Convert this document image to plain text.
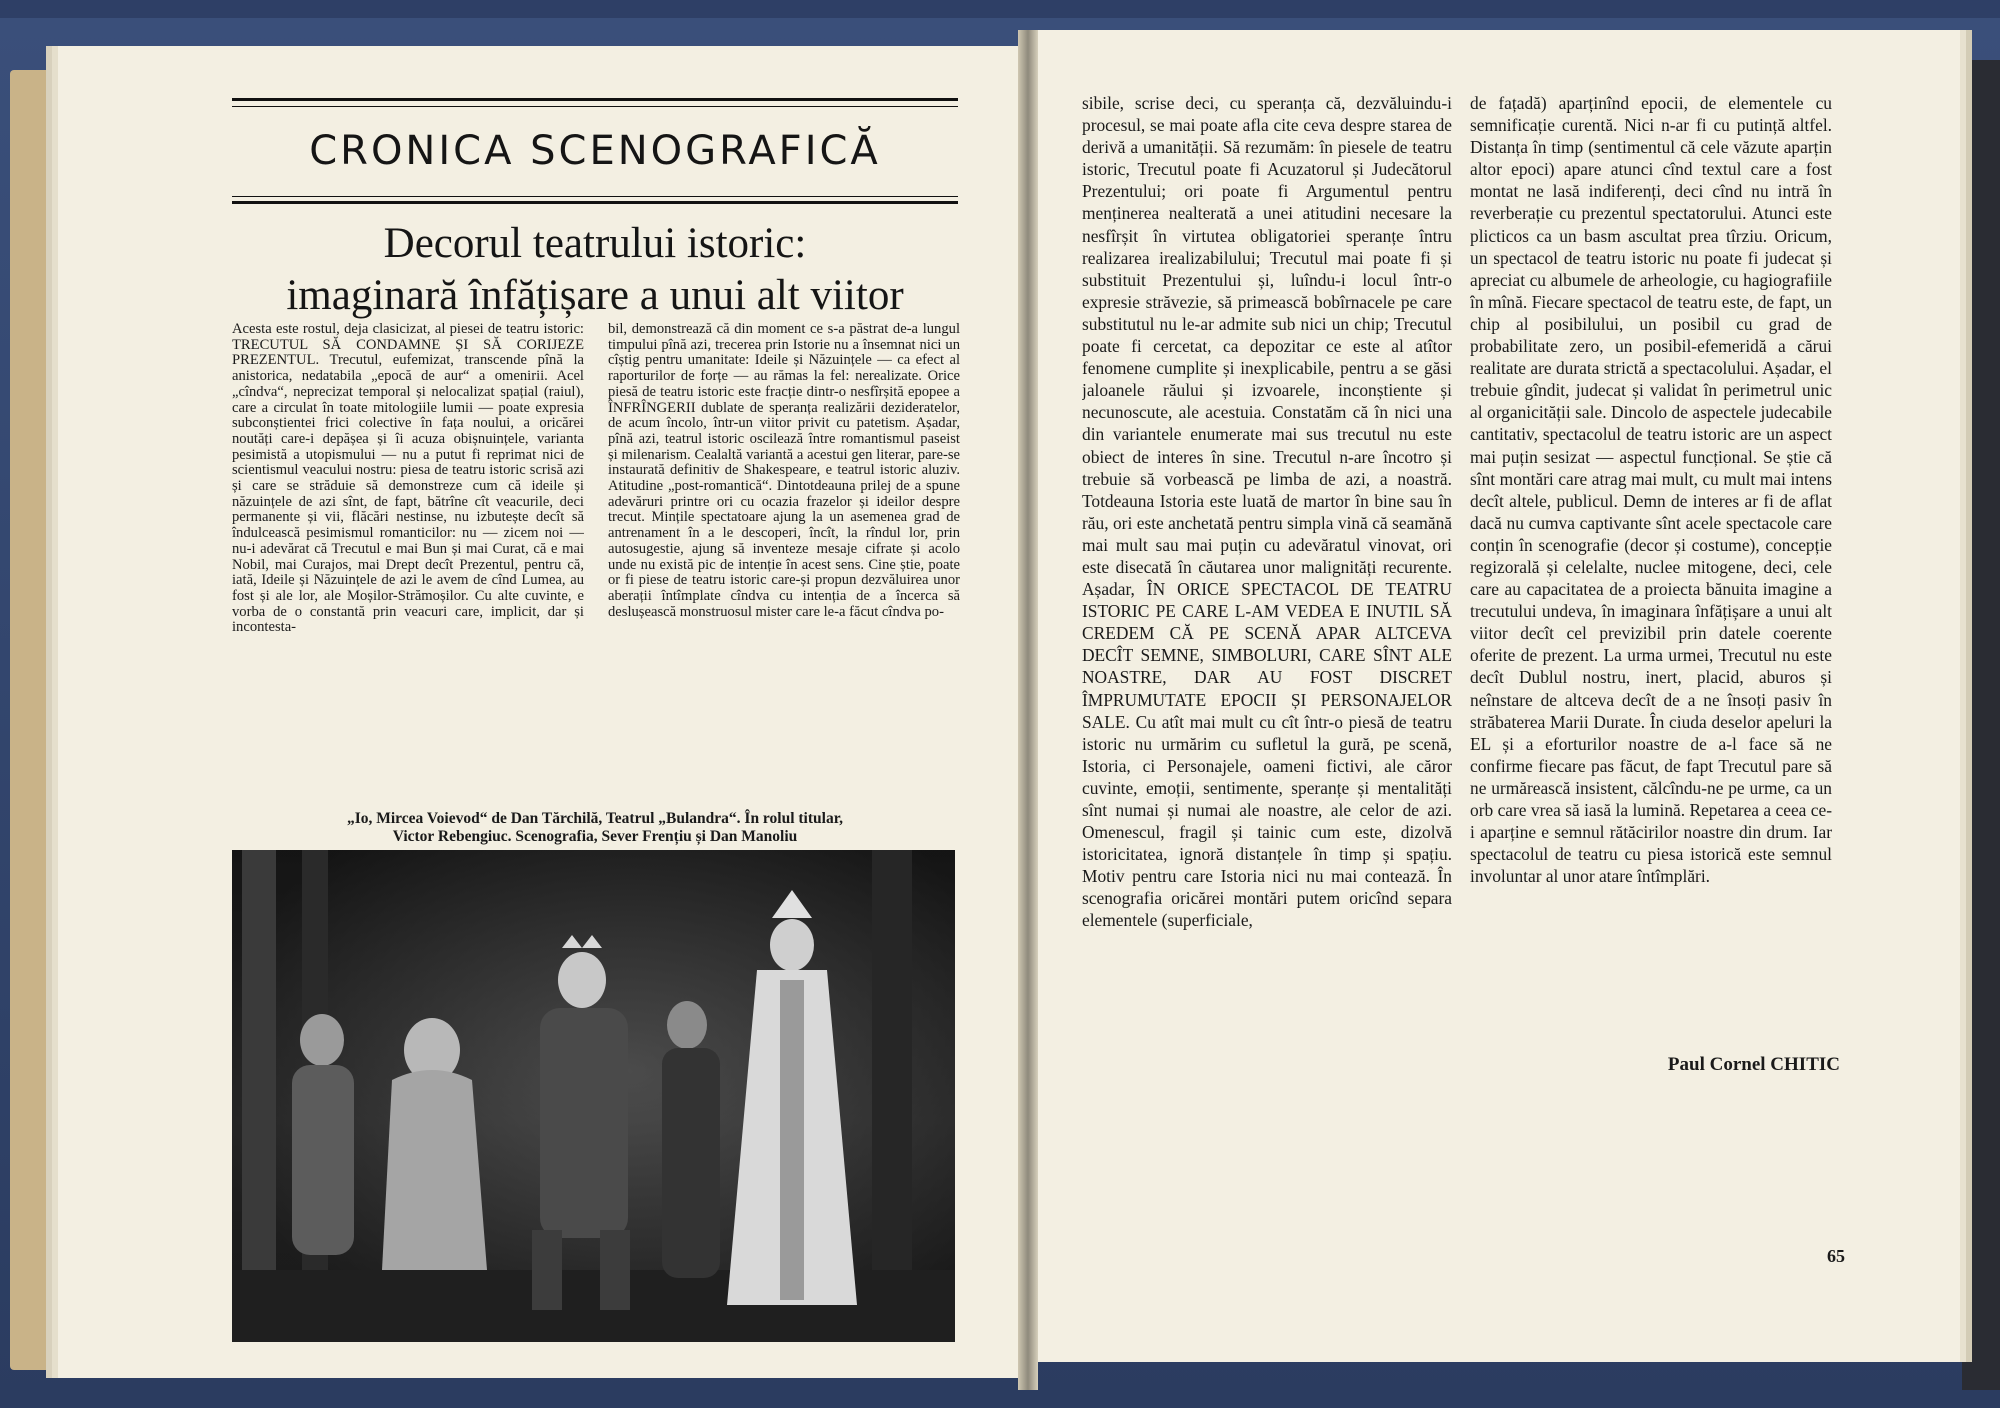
CRONICA SCENOGRAFICĂ
Decorul teatrului istoric:
imaginară înfățișare a unui alt viitor
Acesta este rostul, deja clasicizat, al piesei de teatru istoric: TRECUTUL SĂ CONDAMNE ȘI SĂ CORIJEZE PREZENTUL. Trecutul, eufemizat, transcende pînă la anistorica, nedatabila „epocă de aur“ a omenirii. Acel „cîndva“, neprecizat temporal și nelocalizat spațial (raiul), care a circulat în toate mitologiile lumii — poate expresia subconștientei frici colective în fața noului, a oricărei noutăți care-i depășea și îi acuza obișnuințele, varianta pesimistă a utopismului — nu a putut fi reprimat nici de scientismul veacului nostru: piesa de teatru istoric scrisă azi și care se străduie să demonstreze cum că ideile și năzuințele de azi sînt, de fapt, bătrîne cît veacurile, deci permanente și vii, flăcări nestinse, nu izbutește decît să îndulcească pesimismul romanticilor: nu — zicem noi — nu-i adevărat că Trecutul e mai Bun și mai Curat, că e mai Nobil, mai Curajos, mai Drept decît Prezentul, pentru că, iată, Ideile și Năzuințele de azi le avem de cînd Lumea, au fost și ale lor, ale Moșilor-Strămoșilor. Cu alte cuvinte, e vorba de o constantă prin veacuri care, implicit, dar și incontesta-
bil, demonstrează că din moment ce s-a păstrat de-a lungul timpului pînă azi, trecerea prin Istorie nu a însemnat nici un cîștig pentru umanitate: Ideile și Năzuințele — ca efect al raporturilor de forțe — au rămas la fel: nerealizate. Orice piesă de teatru istoric este fracție dintr-o nesfîrșită epopee a ÎNFRÎNGERII dublate de speranța realizării dezideratelor, de acum încolo, într-un viitor privit cu patetism. Așadar, pînă azi, teatrul istoric oscilează între romantismul paseist și milenarism. Cealaltă variantă a acestui gen literar, pare-se instaurată definitiv de Shakespeare, e teatrul istoric aluziv. Atitudine „post-romantică“. Dintotdeauna prilej de a spune adevăruri printre ori cu ocazia frazelor și ideilor despre trecut. Mințile spectatoare ajung la un asemenea grad de antrenament în a le descoperi, încît, la rîndul lor, prin autosugestie, ajung să inventeze mesaje cifrate și acolo unde nu există pic de intenție în acest sens. Cine știe, poate or fi piese de teatru istoric care-și propun dezvăluirea unor aberații întîmplate cîndva cu intenția de a încerca să deslușească monstruosul mister care le-a făcut cîndva po-
„Io, Mircea Voievod“ de Dan Tărchilă, Teatrul „Bulandra“. În rolul titular,
Victor Rebengiuc. Scenografia, Sever Frențiu și Dan Manoliu
sibile, scrise deci, cu speranța că, dezvăluindu-i procesul, se mai poate afla cite ceva despre starea de derivă a umanității. Să rezumăm: în piesele de teatru istoric, Trecutul poate fi Acuzatorul și Judecătorul Prezentului; ori poate fi Argumentul pentru menținerea nealterată a unei atitudini necesare la nesfîrșit în virtutea obligatoriei speranțe întru realizarea irealizabilului; Trecutul mai poate fi și substituit Prezentului și, luîndu-i locul într-o expresie străvezie, să primească bobîrnacele pe care substitutul nu le-ar admite sub nici un chip; Trecutul poate fi cercetat, ca depozitar ce este al atîtor fenomene cumplite și inexplicabile, pentru a se găsi jaloanele răului și izvoarele, inconștiente și necunoscute, ale acestuia. Constatăm că în nici una din variantele enumerate mai sus trecutul nu este obiect de interes în sine. Trecutul n-are încotro și trebuie să vorbească pe limba de azi, a noastră. Totdeauna Istoria este luată de martor în bine sau în rău, ori este anchetată pentru simpla vină că seamănă mai mult sau mai puțin cu adevăratul vinovat, ori este disecată în căutarea unor malignități recurente. Așadar, ÎN ORICE SPECTACOL DE TEATRU ISTORIC PE CARE L-AM VEDEA E INUTIL SĂ CREDEM CĂ PE SCENĂ APAR ALTCEVA DECÎT SEMNE, SIMBOLURI, CARE SÎNT ALE NOASTRE, DAR AU FOST DISCRET ÎMPRUMUTATE EPOCII ȘI PERSONAJELOR SALE. Cu atît mai mult cu cît într-o piesă de teatru istoric nu urmărim cu sufletul la gură, pe scenă, Istoria, ci Personajele, oameni fictivi, ale căror cuvinte, emoții, sentimente, speranțe și mentalități sînt numai și numai ale noastre, ale celor de azi. Omenescul, fragil și tainic cum este, dizolvă istoricitatea, ignoră distanțele în timp și spațiu. Motiv pentru care Istoria nici nu mai contează. În scenografia oricărei montări putem oricînd separa elementele (superficiale,
de fațadă) aparținînd epocii, de elementele cu semnificație curentă. Nici n-ar fi cu putință altfel. Distanța în timp (sentimentul că cele văzute aparțin altor epoci) apare atunci cînd textul care a fost montat ne lasă indiferenți, deci cînd nu intră în reverberație cu prezentul spectatorului. Atunci este plicticos ca un basm ascultat prea tîrziu. Oricum, un spectacol de teatru istoric nu poate fi judecat și apreciat cu albumele de arheologie, cu hagiografiile în mînă. Fiecare spectacol de teatru este, de fapt, un chip al posibilului, un posibil cu grad de probabilitate zero, un posibil-efemeridă a cărui realitate are durata strictă a spectacolului. Așadar, el trebuie gîndit, judecat și validat în perimetrul unic al organicității sale. Dincolo de aspectele judecabile cantitativ, spectacolul de teatru istoric are un aspect mai puțin sesizat — aspectul funcțional. Se știe că sînt montări care atrag mai mult, cu mult mai intens decît altele, publicul. Demn de interes ar fi de aflat dacă nu cumva captivante sînt acele spectacole care conțin în scenografie (decor și costume), concepție regizorală și celelalte, nucleе mitogene, deci, cele care au capacitatea de a proiecta bănuita imagine a trecutului undeva, în imaginara înfățișare a unui alt viitor decît cel previzibil prin datele coerente oferite de prezent. La urma urmei, Trecutul nu este decît Dublul nostru, inert, placid, aburos și neînstare de altceva decît de a ne însoți pasiv în străbaterea Marii Durate. În ciuda deselor apeluri la EL și a eforturilor noastre de a-l face să ne confirme fiecare pas făcut, de fapt Trecutul pare să ne urmărească insistent, călcîndu-ne pe urme, ca un orb care vrea să iasă la lumină. Repetarea a ceea ce-i aparține e semnul rătăcirilor noastre din drum. Iar spectacolul de teatru cu piesa istorică este semnul involuntar al unor atare întîmplări.
Paul Cornel CHITIC
65
